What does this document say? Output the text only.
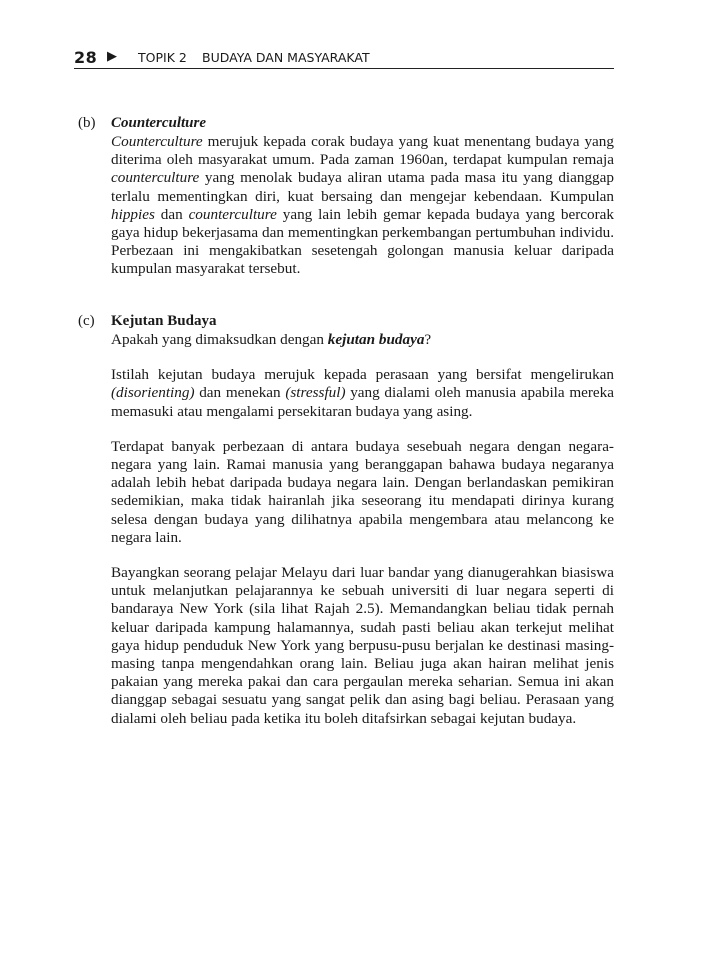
28 ▶ TOPIK 2 BUDAYA DAN MASYARAKAT
(b) Counterculture

Counterculture merujuk kepada corak budaya yang kuat menentang budaya yang diterima oleh masyarakat umum. Pada zaman 1960an, terdapat kumpulan remaja counterculture yang menolak budaya aliran utama pada masa itu yang dianggap terlalu mementingkan diri, kuat bersaing dan mengejar kebendaan. Kumpulan hippies dan counterculture yang lain lebih gemar kepada budaya yang bercorak gaya hidup bekerjasama dan mementingkan perkembangan pertumbuhan individu. Perbezaan ini mengakibatkan sesetengah golongan manusia keluar daripada kumpulan masyarakat tersebut.

(c) Kejutan Budaya

Apakah yang dimaksudkan dengan kejutan budaya?

Istilah kejutan budaya merujuk kepada perasaan yang bersifat mengelirukan (disorienting) dan menekan (stressful) yang dialami oleh manusia apabila mereka memasuki atau mengalami persekitaran budaya yang asing.

Terdapat banyak perbezaan di antara budaya sesebuah negara dengan negara-negara yang lain. Ramai manusia yang beranggapan bahawa budaya negaranya adalah lebih hebat daripada budaya negara lain. Dengan berlandaskan pemikiran sedemikian, maka tidak hairanlah jika seseorang itu mendapati dirinya kurang selesa dengan budaya yang dilihatnya apabila mengembara atau melancong ke negara lain.

Bayangkan seorang pelajar Melayu dari luar bandar yang dianugerahkan biasiswa untuk melanjutkan pelajarannya ke sebuah universiti di luar negara seperti di bandaraya New York (sila lihat Rajah 2.5). Memandangkan beliau tidak pernah keluar daripada kampung halamannya, sudah pasti beliau akan terkejut melihat gaya hidup penduduk New York yang berpusu-pusu berjalan ke destinasi masing-masing tanpa mengendahkan orang lain. Beliau juga akan hairan melihat jenis pakaian yang mereka pakai dan cara pergaulan mereka seharian. Semua ini akan dianggap sebagai sesuatu yang sangat pelik dan asing bagi beliau. Perasaan yang dialami oleh beliau pada ketika itu boleh ditafsirkan sebagai kejutan budaya.
